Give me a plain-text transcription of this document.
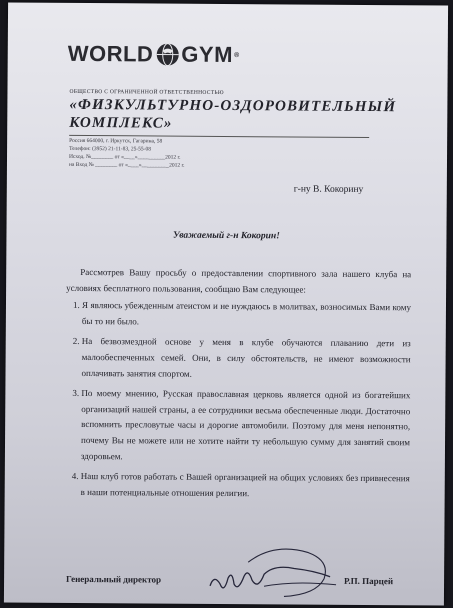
WORLD GYM ®
ОБЩЕСТВО С ОГРАНИЧЕННОЙ ОТВЕТСТВЕННОСТЬЮ
«ФИЗКУЛЬТУРНО-ОЗДОРОВИТЕЛЬНЫЙ КОМПЛЕКС»
Россия 664000, г. Иркутск, Гагарина, 58
Телефон: (3952) 21-11-83, 25-55-08
Исход. №________ от «____»__________2012 г.
на Вход № ________ от «____»__________2012 г.
г-ну В. Кокорину
Уважаемый г-н Кокорин!

Рассмотрев Вашу просьбу о предоставлении спортивного зала нашего клуба на условиях бесплатного пользования, сообщаю Вам следующее:

1. Я являюсь убежденным атеистом и не нуждаюсь в молитвах, возносимых Вами кому бы то ни было.
2. На безвозмездной основе у меня в клубе обучаются плаванию дети из малообеспеченных семей. Они, в силу обстоятельств, не имеют возможности оплачивать занятия спортом.
3. По моему мнению, Русская православная церковь является одной из богатейших организаций нашей страны, а ее сотрудники весьма обеспеченные люди. Достаточно вспомнить пресловутые часы и дорогие автомобили. Поэтому для меня непонятно, почему Вы не можете или не хотите найти ту небольшую сумму для занятий своим здоровьем.
4. Наш клуб готов работать с Вашей организацией на общих условиях без привнесения в наши потенциальные отношения религии.
Генеральный директор	Р.П. Парцей
